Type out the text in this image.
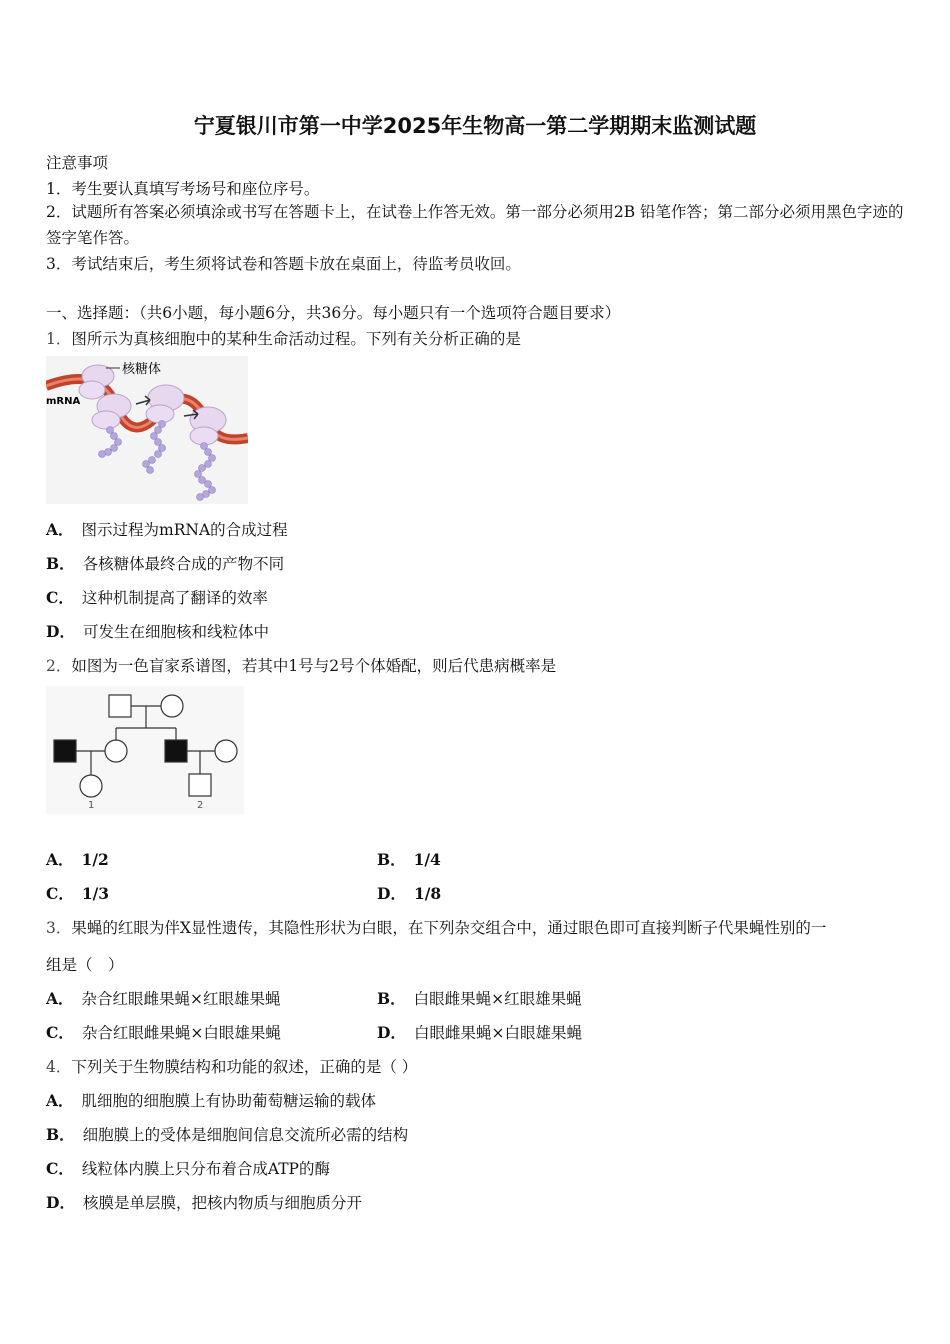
宁夏银川市第一中学2025年生物高一第二学期期末监测试题
注意事项
1．考生要认真填写考场号和座位序号。
2．试题所有答案必须填涂或书写在答题卡上，在试卷上作答无效。第一部分必须用2B 铅笔作答；第二部分必须用黑色字迹的签字笔作答。
3．考试结束后，考生须将试卷和答题卡放在桌面上，待监考员收回。
一、选择题：（共6小题，每小题6分，共36分。每小题只有一个选项符合题目要求）
1．图所示为真核细胞中的某种生命活动过程。下列有关分析正确的是
核糖体
mRNA
A． 图示过程为mRNA的合成过程
B． 各核糖体最终合成的产物不同
C． 这种机制提高了翻译的效率
D． 可发生在细胞核和线粒体中
2．如图为一色盲家系谱图，若其中1号与2号个体婚配，则后代患病概率是
1	2
A． 1/2	B． 1/4
C． 1/3	D． 1/8
3．果蝇的红眼为伴X显性遗传，其隐性形状为白眼，在下列杂交组合中，通过眼色即可直接判断子代果蝇性别的一
组是（　）
A． 杂合红眼雌果蝇×红眼雄果蝇	B． 白眼雌果蝇×红眼雄果蝇
C． 杂合红眼雌果蝇×白眼雄果蝇	D． 白眼雌果蝇×白眼雄果蝇
4．下列关于生物膜结构和功能的叙述，正确的是（ ）
A． 肌细胞的细胞膜上有协助葡萄糖运输的载体
B． 细胞膜上的受体是细胞间信息交流所必需的结构
C． 线粒体内膜上只分布着合成ATP的酶
D． 核膜是单层膜，把核内物质与细胞质分开
